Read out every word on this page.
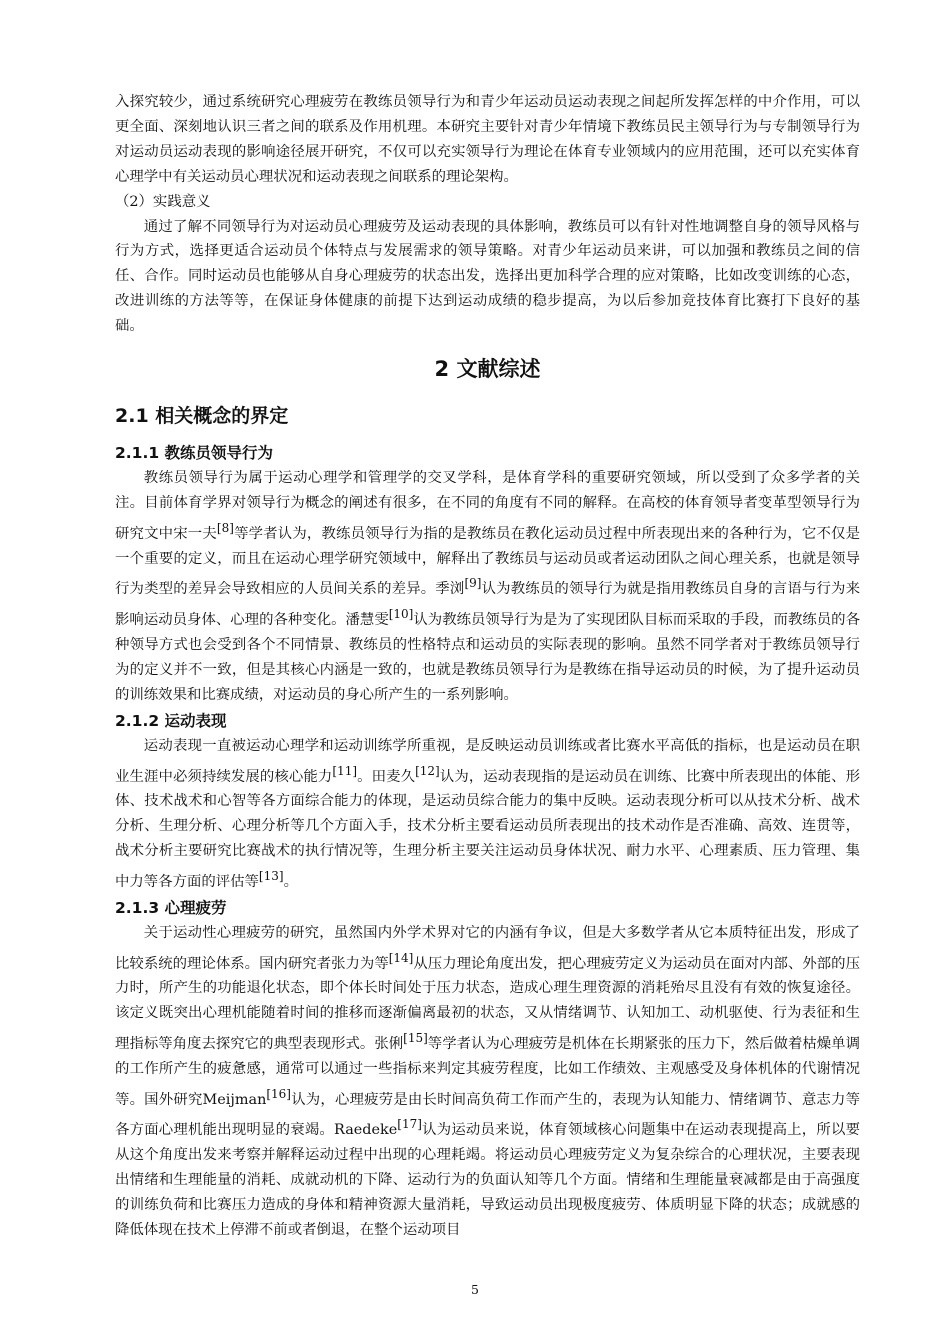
入探究较少，通过系统研究心理疲劳在教练员领导行为和青少年运动员运动表现之间起所发挥怎样的中介作用，可以更全面、深刻地认识三者之间的联系及作用机理。本研究主要针对青少年情境下教练员民主领导行为与专制领导行为对运动员运动表现的影响途径展开研究，不仅可以充实领导行为理论在体育专业领域内的应用范围，还可以充实体育心理学中有关运动员心理状况和运动表现之间联系的理论架构。

（2）实践意义

通过了解不同领导行为对运动员心理疲劳及运动表现的具体影响，教练员可以有针对性地调整自身的领导风格与行为方式，选择更适合运动员个体特点与发展需求的领导策略。对青少年运动员来讲，可以加强和教练员之间的信任、合作。同时运动员也能够从自身心理疲劳的状态出发，选择出更加科学合理的应对策略，比如改变训练的心态，改进训练的方法等等，在保证身体健康的前提下达到运动成绩的稳步提高，为以后参加竞技体育比赛打下良好的基础。

2 文献综述
2.1 相关概念的界定
2.1.1 教练员领导行为

教练员领导行为属于运动心理学和管理学的交叉学科，是体育学科的重要研究领域，所以受到了众多学者的关注。目前体育学界对领导行为概念的阐述有很多，在不同的角度有不同的解释。在高校的体育领导者变革型领导行为研究文中宋一夫[8]等学者认为，教练员领导行为指的是教练员在教化运动员过程中所表现出来的各种行为，它不仅是一个重要的定义，而且在运动心理学研究领域中，解释出了教练员与运动员或者运动团队之间心理关系，也就是领导行为类型的差异会导致相应的人员间关系的差异。季浏[9]认为教练员的领导行为就是指用教练员自身的言语与行为来影响运动员身体、心理的各种变化。潘慧雯[10]认为教练员领导行为是为了实现团队目标而采取的手段，而教练员的各种领导方式也会受到各个不同情景、教练员的性格特点和运动员的实际表现的影响。虽然不同学者对于教练员领导行为的定义并不一致，但是其核心内涵是一致的，也就是教练员领导行为是教练在指导运动员的时候，为了提升运动员的训练效果和比赛成绩，对运动员的身心所产生的一系列影响。

2.1.2 运动表现

运动表现一直被运动心理学和运动训练学所重视，是反映运动员训练或者比赛水平高低的指标，也是运动员在职业生涯中必须持续发展的核心能力[11]。田麦久[12]认为，运动表现指的是运动员在训练、比赛中所表现出的体能、形体、技术战术和心智等各方面综合能力的体现，是运动员综合能力的集中反映。运动表现分析可以从技术分析、战术分析、生理分析、心理分析等几个方面入手，技术分析主要看运动员所表现出的技术动作是否准确、高效、连贯等，战术分析主要研究比赛战术的执行情况等，生理分析主要关注运动员身体状况、耐力水平、心理素质、压力管理、集中力等各方面的评估等[13]。

2.1.3 心理疲劳

关于运动性心理疲劳的研究，虽然国内外学术界对它的内涵有争议，但是大多数学者从它本质特征出发，形成了比较系统的理论体系。国内研究者张力为等[14]从压力理论角度出发，把心理疲劳定义为运动员在面对内部、外部的压力时，所产生的功能退化状态，即个体长时间处于压力状态，造成心理生理资源的消耗殆尽且没有有效的恢复途径。该定义既突出心理机能随着时间的推移而逐渐偏离最初的状态，又从情绪调节、认知加工、动机驱使、行为表征和生理指标等角度去探究它的典型表现形式。张俐[15]等学者认为心理疲劳是机体在长期紧张的压力下，然后做着枯燥单调的工作所产生的疲惫感，通常可以通过一些指标来判定其疲劳程度，比如工作绩效、主观感受及身体机体的代谢情况等。国外研究Meijman[16]认为，心理疲劳是由长时间高负荷工作而产生的，表现为认知能力、情绪调节、意志力等各方面心理机能出现明显的衰竭。Raedeke[17]认为运动员来说，体育领域核心问题集中在运动表现提高上，所以要从这个角度出发来考察并解释运动过程中出现的心理耗竭。将运动员心理疲劳定义为复杂综合的心理状况，主要表现出情绪和生理能量的消耗、成就动机的下降、运动行为的负面认知等几个方面。情绪和生理能量衰减都是由于高强度的训练负荷和比赛压力造成的身体和精神资源大量消耗，导致运动员出现极度疲劳、体质明显下降的状态；成就感的降低体现在技术上停滞不前或者倒退，在整个运动项目

5
